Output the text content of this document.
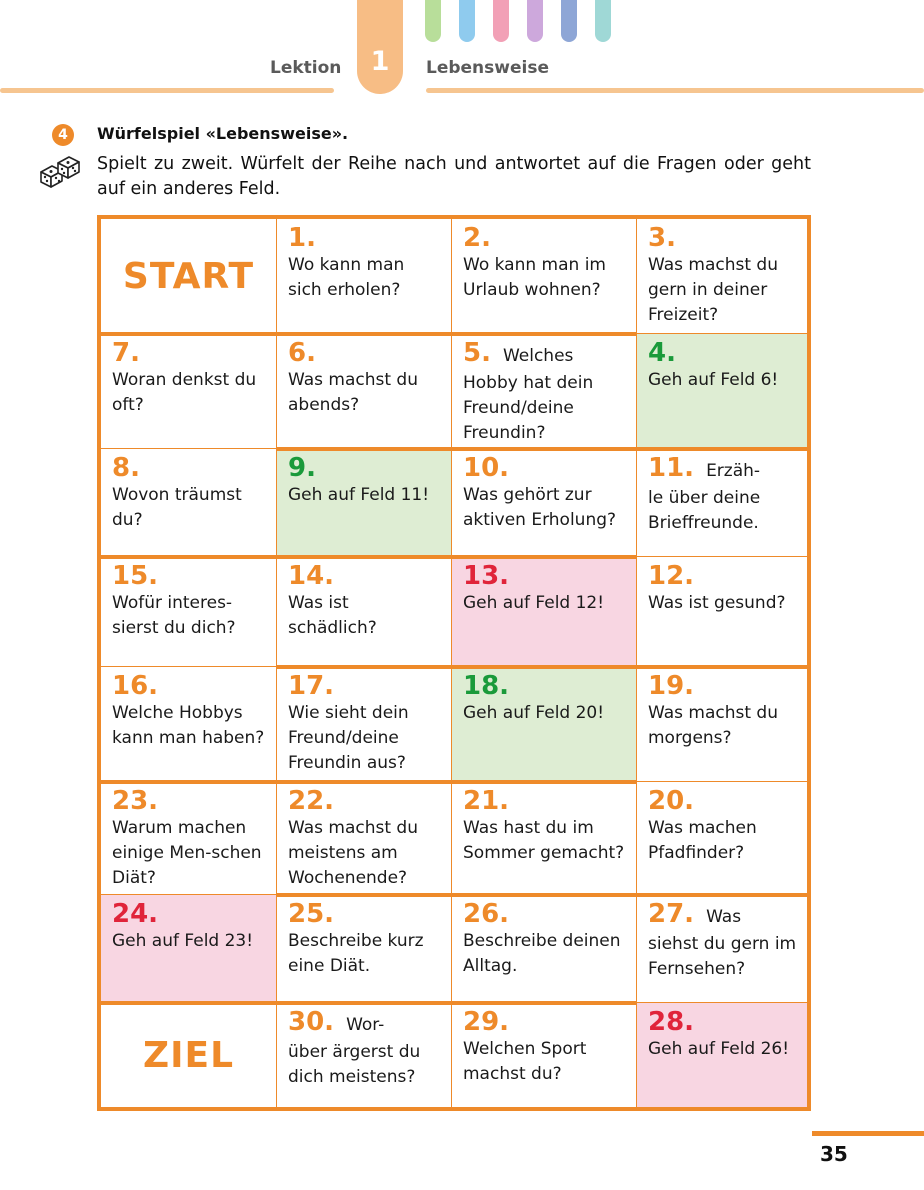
1
Lektion	Lebensweise
4	Würfelspiel «Lebensweise».
Spielt zu zweit. Würfelt der Reihe nach und antwortet auf die Fragen oder geht auf ein anderes Feld.
START
1.
Wo kann man sich erholen?
2.
Wo kann man im Urlaub wohnen?
3.
Was machst du gern in deiner Freizeit?
7.
Woran denkst du oft?
6.
Was machst du abends?
5. Welches
Hobby hat dein Freund/deine Freundin?
4.
Geh auf Feld 6!
8.
Wovon träumst du?
9.
Geh auf Feld 11!
10.
Was gehört zur aktiven Erholung?
11. Erzäh-
le über deine Brieffreunde.
15.
Wofür interes-sierst du dich?
14.
Was ist schädlich?
13.
Geh auf Feld 12!
12.
Was ist gesund?
16.
Welche Hobbys kann man haben?
17.
Wie sieht dein Freund/deine Freundin aus?
18.
Geh auf Feld 20!
19.
Was machst du morgens?
23.
Warum machen einige Men-schen Diät?
22.
Was machst du meistens am Wochenende?
21.
Was hast du im Sommer gemacht?
20.
Was machen Pfadfinder?
24.
Geh auf Feld 23!
25.
Beschreibe kurz eine Diät.
26.
Beschreibe deinen Alltag.
27. Was
siehst du gern im Fernsehen?
ZIEL
30. Wor-
über ärgerst du dich meistens?
29.
Welchen Sport machst du?
28.
Geh auf Feld 26!
35
